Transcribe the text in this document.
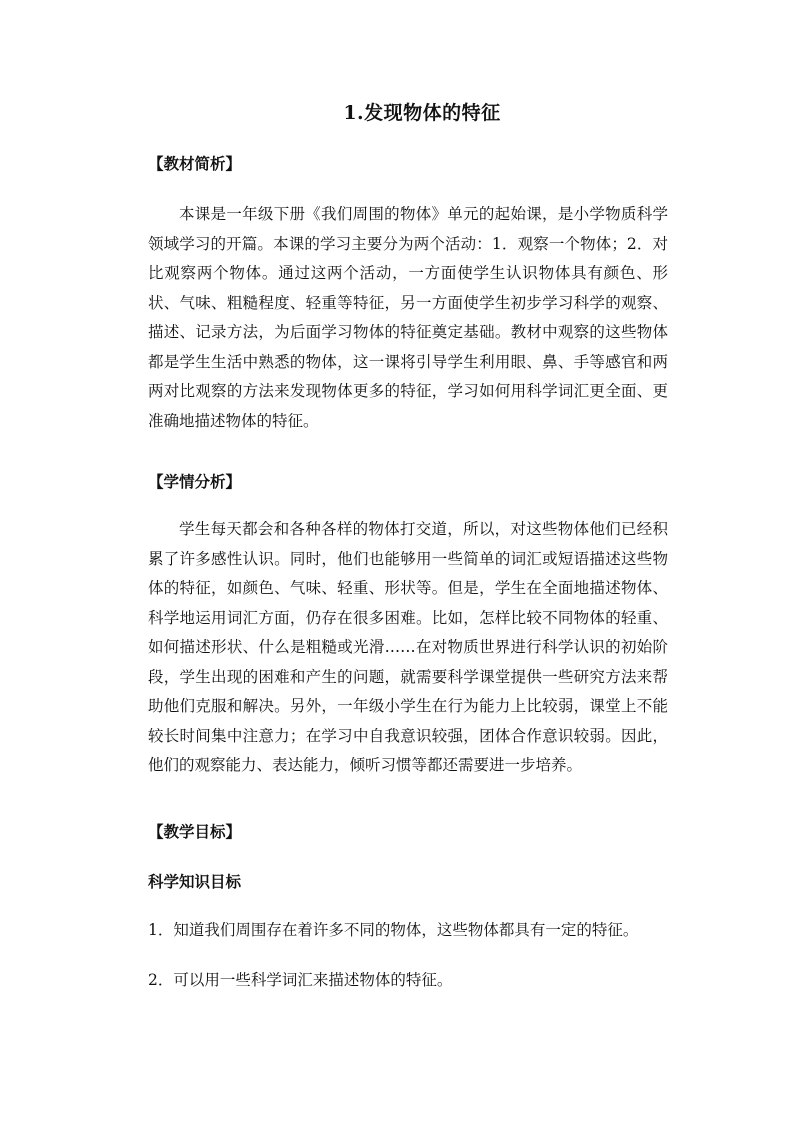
1.发现物体的特征
【教材简析】

本课是一年级下册《我们周围的物体》单元的起始课，是小学物质科学领域学习的开篇。本课的学习主要分为两个活动：1．观察一个物体；2．对比观察两个物体。通过这两个活动，一方面使学生认识物体具有颜色、形状、气味、粗糙程度、轻重等特征，另一方面使学生初步学习科学的观察、描述、记录方法，为后面学习物体的特征奠定基础。教材中观察的这些物体都是学生生活中熟悉的物体，这一课将引导学生利用眼、鼻、手等感官和两两对比观察的方法来发现物体更多的特征，学习如何用科学词汇更全面、更准确地描述物体的特征。

【学情分析】

学生每天都会和各种各样的物体打交道，所以，对这些物体他们已经积累了许多感性认识。同时，他们也能够用一些简单的词汇或短语描述这些物体的特征，如颜色、气味、轻重、形状等。但是，学生在全面地描述物体、科学地运用词汇方面，仍存在很多困难。比如，怎样比较不同物体的轻重、如何描述形状、什么是粗糙或光滑……在对物质世界进行科学认识的初始阶段，学生出现的困难和产生的问题，就需要科学课堂提供一些研究方法来帮助他们克服和解决。另外，一年级小学生在行为能力上比较弱，课堂上不能较长时间集中注意力；在学习中自我意识较强，团体合作意识较弱。因此，他们的观察能力、表达能力，倾听习惯等都还需要进一步培养。

【教学目标】
科学知识目标
1．知道我们周围存在着许多不同的物体，这些物体都具有一定的特征。
2．可以用一些科学词汇来描述物体的特征。
